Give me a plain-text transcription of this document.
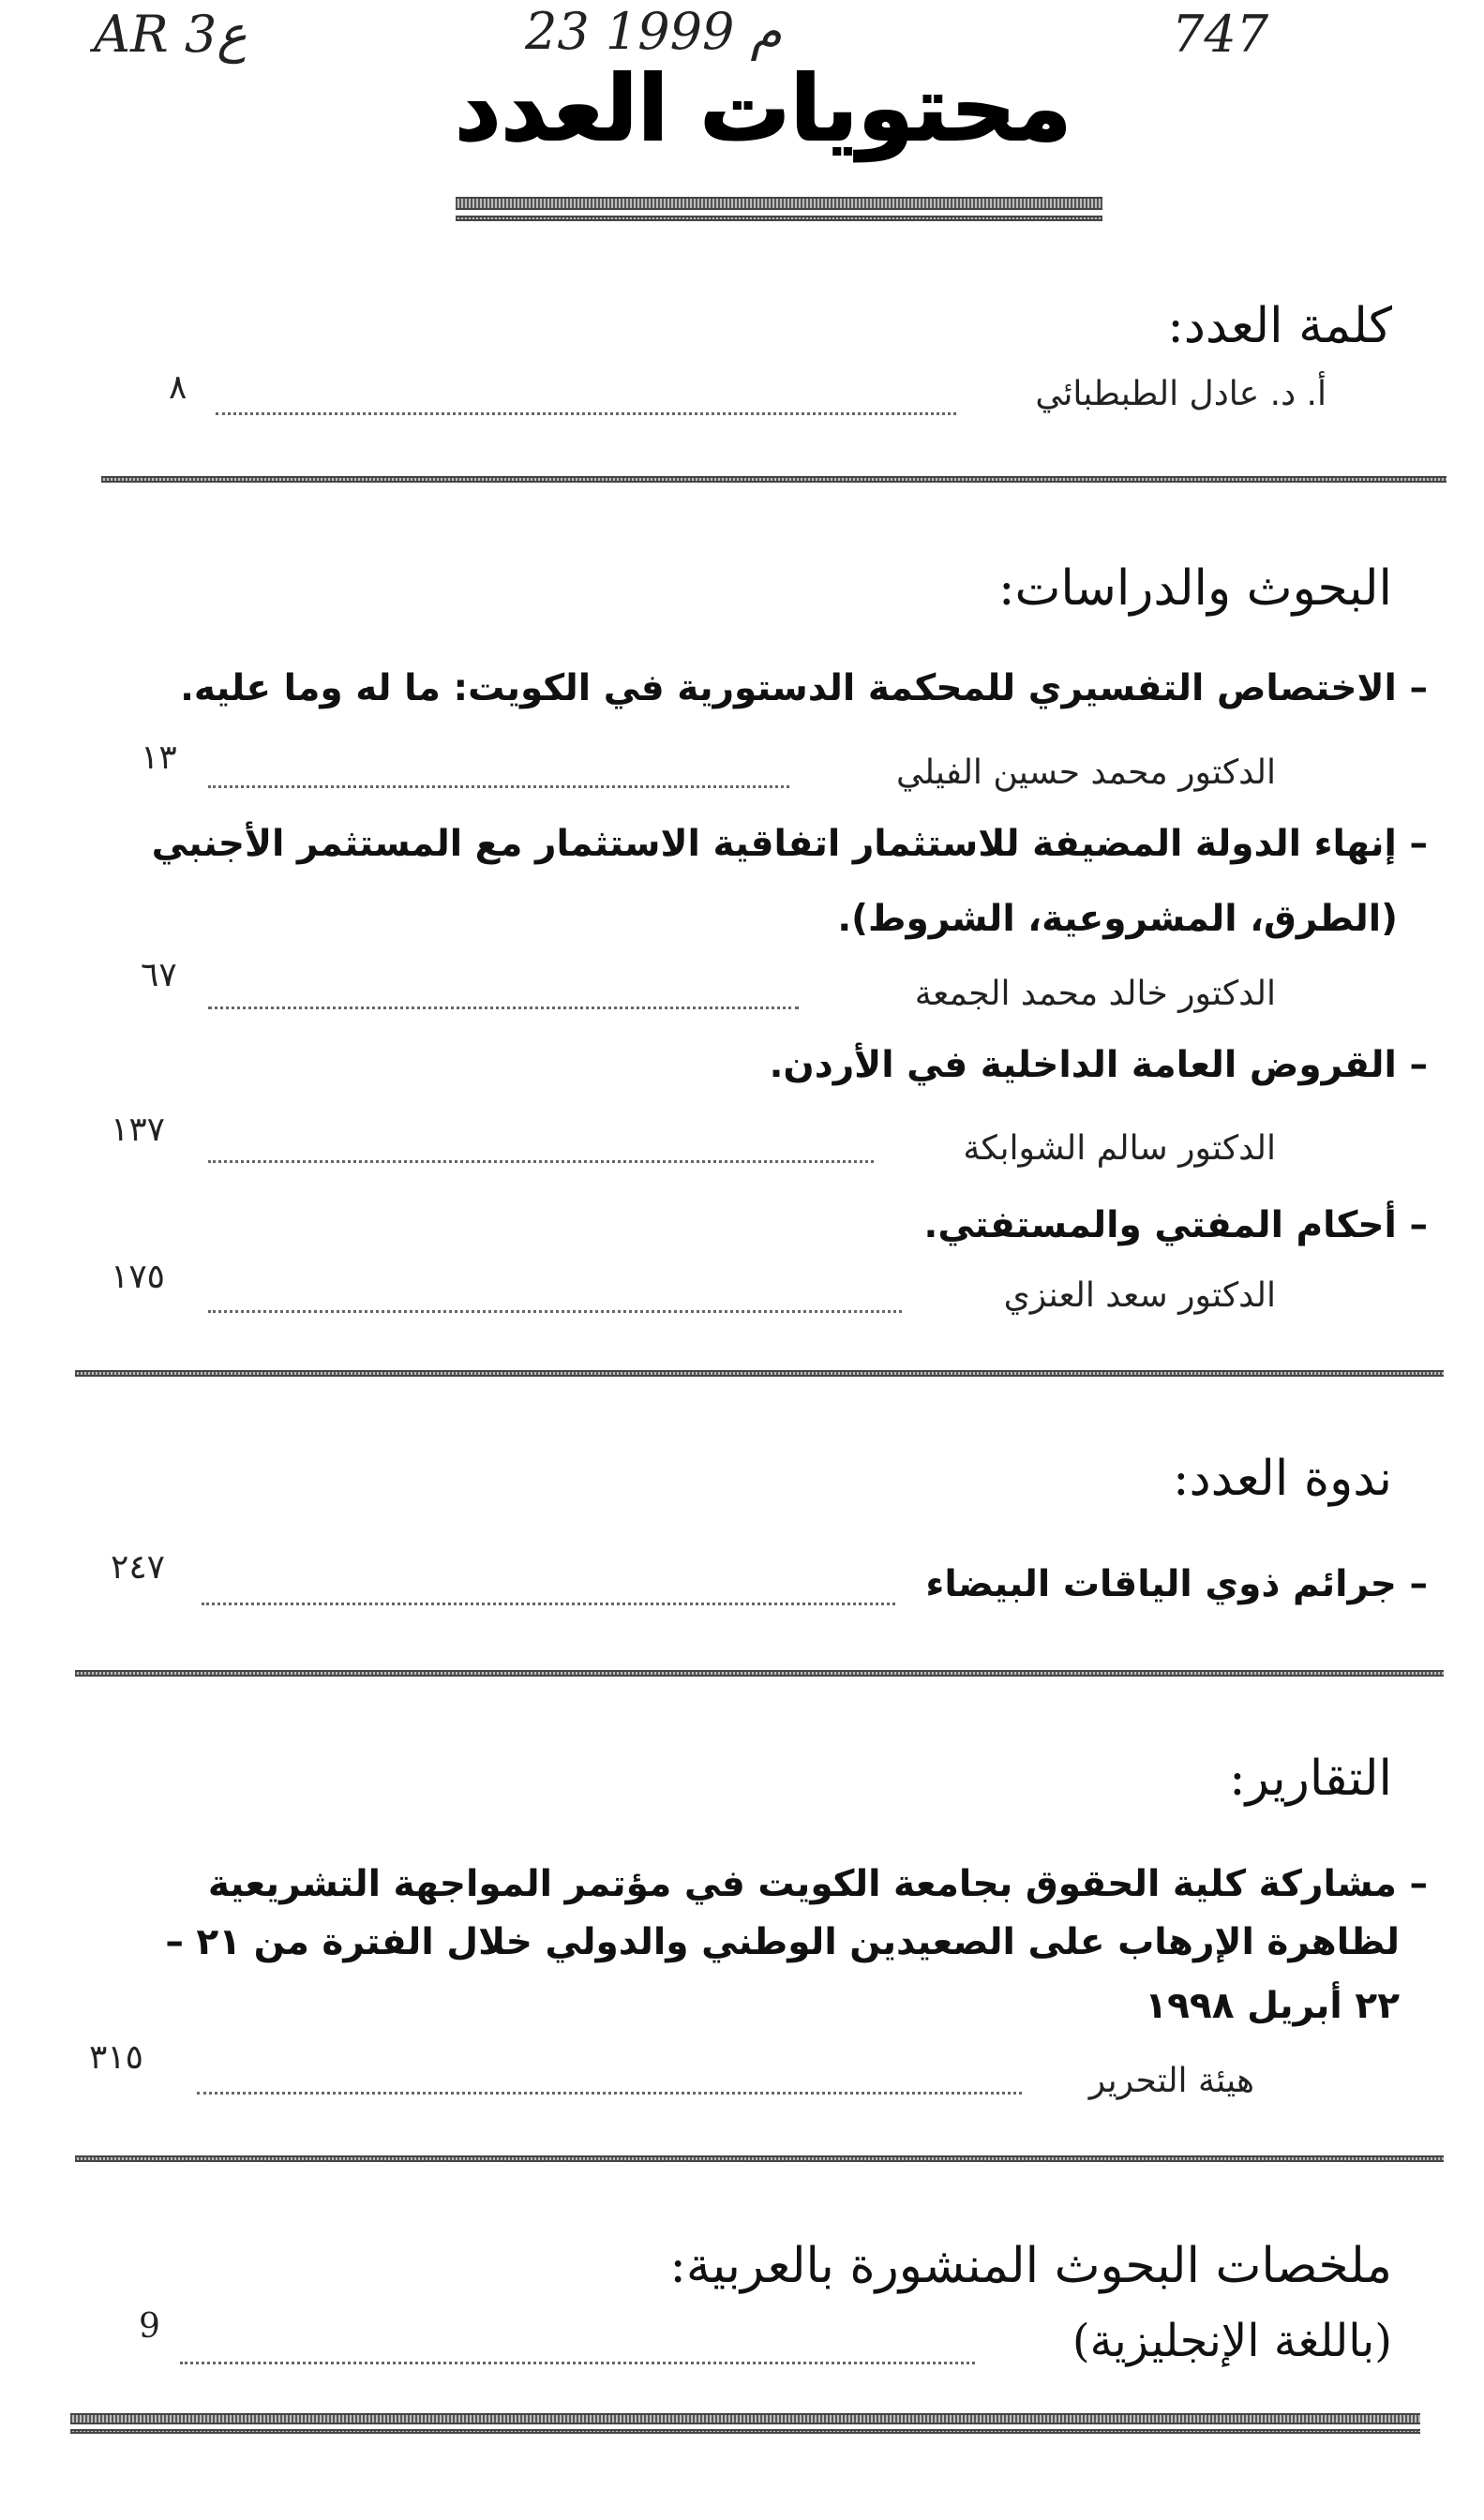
AR 3ع	23 م 1999	747
محتويات العدد
كلمة العدد:
أ. د. عادل الطبطبائي
٨
البحوث والدراسات:
– الاختصاص التفسيري للمحكمة الدستورية في الكويت: ما له وما عليه.
الدكتور محمد حسين الفيلي
١٣
– إنهاء الدولة المضيفة للاستثمار اتفاقية الاستثمار مع المستثمر الأجنبي
(الطرق، المشروعية، الشروط).
الدكتور خالد محمد الجمعة
٦٧
– القروض العامة الداخلية في الأردن.
الدكتور سالم الشوابكة
١٣٧
– أحكام المفتي والمستفتي.
الدكتور سعد العنزي
١٧٥
ندوة العدد:
– جرائم ذوي الياقات البيضاء
٢٤٧
التقارير:
– مشاركة كلية الحقوق بجامعة الكويت في مؤتمر المواجهة التشريعية
لظاهرة الإرهاب على الصعيدين الوطني والدولي خلال الفترة من ٢١ –
٢٢ أبريل ١٩٩٨
هيئة التحرير
٣١٥
ملخصات البحوث المنشورة بالعربية:
(باللغة الإنجليزية)
9
